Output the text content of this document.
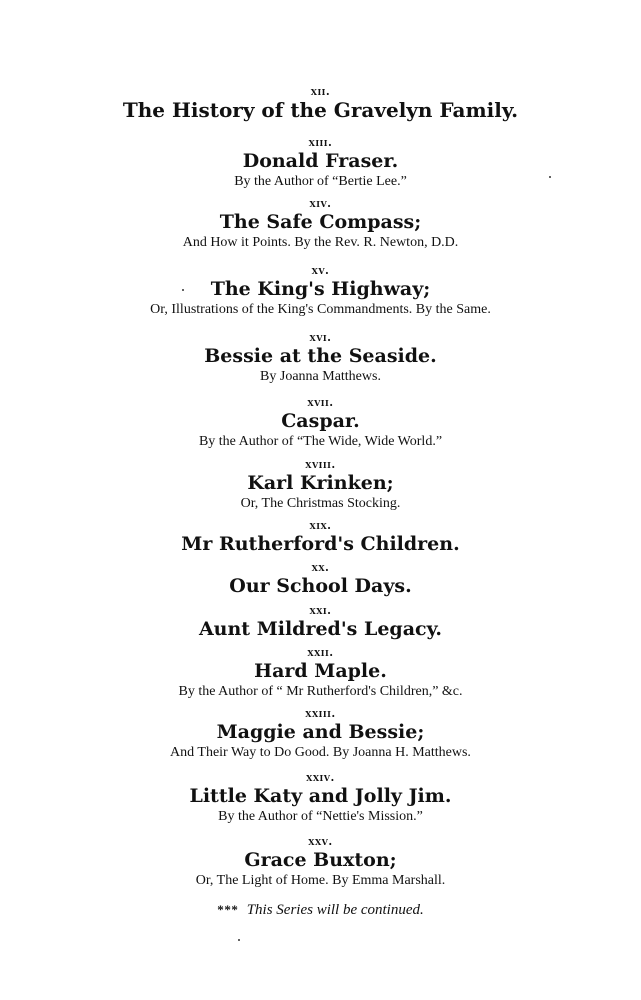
xii.
The History of the Gravelyn Family.
xiii.
Donald Fraser.
By the Author of “Bertie Lee.”
xiv.
The Safe Compass;
And How it Points. By the Rev. R. Newton, D.D.
xv.
The King's Highway;
Or, Illustrations of the King's Commandments. By the Same.
xvi.
Bessie at the Seaside.
By Joanna Matthews.
xvii.
Caspar.
By the Author of “The Wide, Wide World.”
xviii.
Karl Krinken;
Or, The Christmas Stocking.
xix.
Mr Rutherford's Children.
xx.
Our School Days.
xxi.
Aunt Mildred's Legacy.
xxii.
Hard Maple.
By the Author of “ Mr Rutherford's Children,” &c.
xxiii.
Maggie and Bessie;
And Their Way to Do Good. By Joanna H. Matthews.
xxiv.
Little Katy and Jolly Jim.
By the Author of “Nettie's Mission.”
xxv.
Grace Buxton;
Or, The Light of Home. By Emma Marshall.
* * * This Series will be continued.
